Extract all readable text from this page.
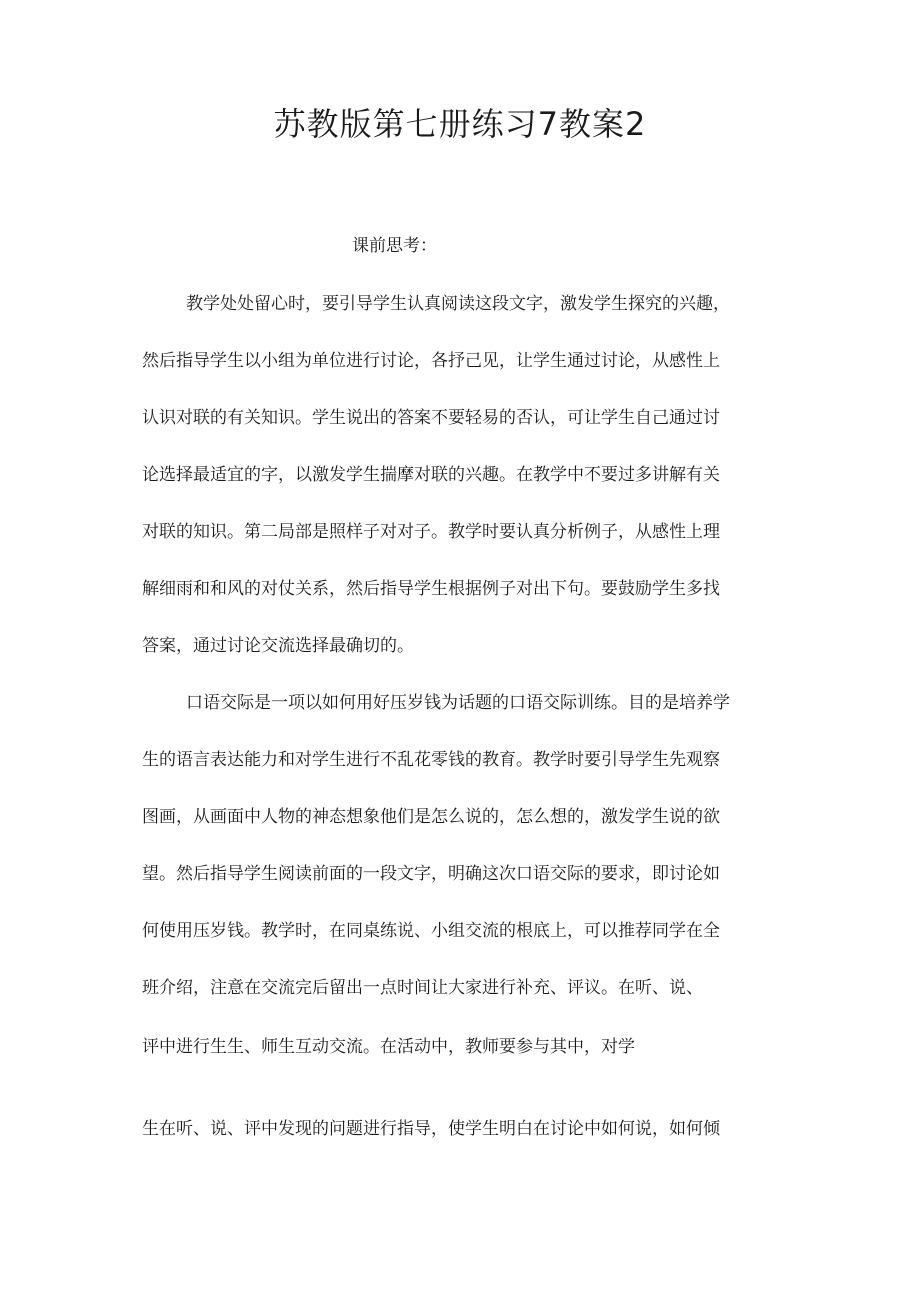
苏教版第七册练习7教案2

课前思考：

教学处处留心时，要引导学生认真阅读这段文字，激发学生探究的兴趣，

然后指导学生以小组为单位进行讨论，各抒己见，让学生通过讨论，从感性上

认识对联的有关知识。学生说出的答案不要轻易的否认，可让学生自己通过讨

论选择最适宜的字，以激发学生揣摩对联的兴趣。在教学中不要过多讲解有关

对联的知识。第二局部是照样子对对子。教学时要认真分析例子，从感性上理

解细雨和和风的对仗关系，然后指导学生根据例子对出下句。要鼓励学生多找

答案，通过讨论交流选择最确切的。

口语交际是一项以如何用好压岁钱为话题的口语交际训练。目的是培养学

生的语言表达能力和对学生进行不乱花零钱的教育。教学时要引导学生先观察

图画，从画面中人物的神态想象他们是怎么说的，怎么想的，激发学生说的欲

望。然后指导学生阅读前面的一段文字，明确这次口语交际的要求，即讨论如

何使用压岁钱。教学时，在同桌练说、小组交流的根底上，可以推荐同学在全

班介绍，注意在交流完后留出一点时间让大家进行补充、评议。在听、说、

评中进行生生、师生互动交流。在活动中，教师要参与其中，对学

生在听、说、评中发现的问题进行指导，使学生明白在讨论中如何说，如何倾
